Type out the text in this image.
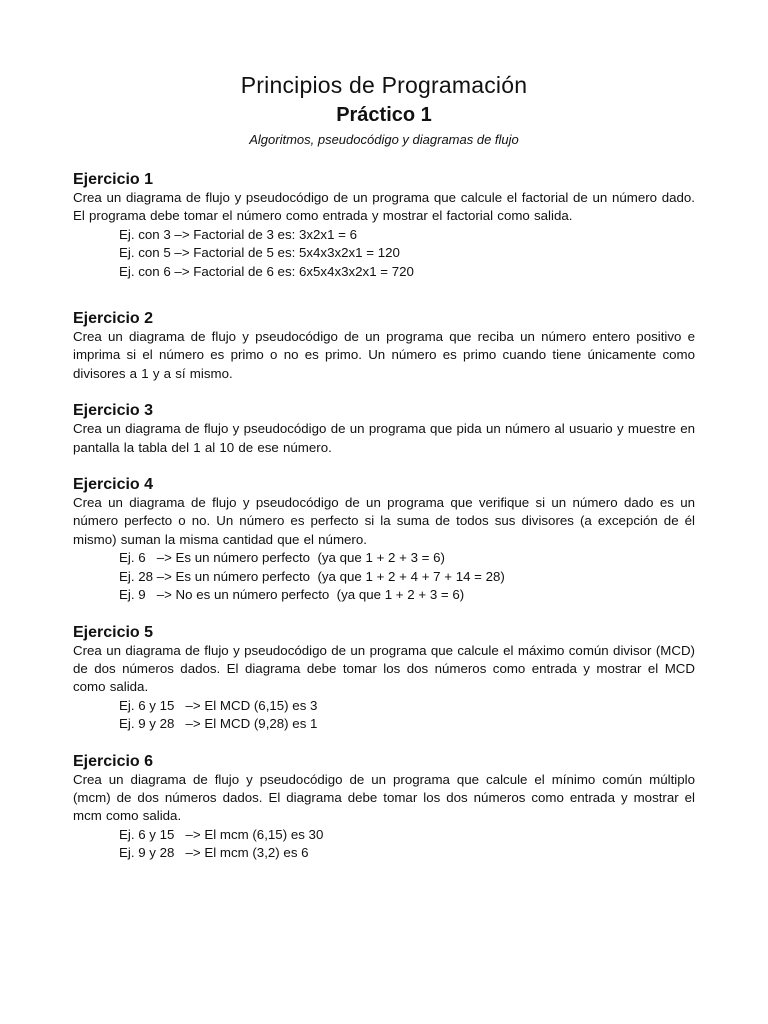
Principios de Programación
Práctico 1

Algoritmos, pseudocódigo y diagramas de flujo

Ejercicio 1

Crea un diagrama de flujo y pseudocódigo de un programa que calcule el factorial de un número dado. El programa debe tomar el número como entrada y mostrar el factorial como salida.

Ej. con 3 –> Factorial de 3 es: 3x2x1 = 6

Ej. con 5 –> Factorial de 5 es: 5x4x3x2x1 = 120

Ej. con 6 –> Factorial de 6 es: 6x5x4x3x2x1 = 720

Ejercicio 2

Crea un diagrama de flujo y pseudocódigo de un programa que reciba un número entero positivo e imprima si el número es primo o no es primo. Un número es primo cuando tiene únicamente como divisores a 1 y a sí mismo.

Ejercicio 3

Crea un diagrama de flujo y pseudocódigo de un programa que pida un número al usuario y muestre en pantalla la tabla del 1 al 10 de ese número.

Ejercicio 4

Crea un diagrama de flujo y pseudocódigo de un programa que verifique si un número dado es un número perfecto o no. Un número es perfecto si la suma de todos sus divisores (a excepción de él mismo) suman la misma cantidad que el número.

Ej. 6   –> Es un número perfecto  (ya que 1 + 2 + 3 = 6)

Ej. 28 –> Es un número perfecto  (ya que 1 + 2 + 4 + 7 + 14 = 28)

Ej. 9   –> No es un número perfecto  (ya que 1 + 2 + 3 = 6)

Ejercicio 5

Crea un diagrama de flujo y pseudocódigo de un programa que calcule el máximo común divisor (MCD) de dos números dados. El diagrama debe tomar los dos números como entrada y mostrar el MCD como salida.

Ej. 6 y 15   –> El MCD (6,15) es 3

Ej. 9 y 28   –> El MCD (9,28) es 1

Ejercicio 6

Crea un diagrama de flujo y pseudocódigo de un programa que calcule el mínimo común múltiplo (mcm) de dos números dados. El diagrama debe tomar los dos números como entrada y mostrar el mcm como salida.

Ej. 6 y 15   –> El mcm (6,15) es 30

Ej. 9 y 28   –> El mcm (3,2) es 6
